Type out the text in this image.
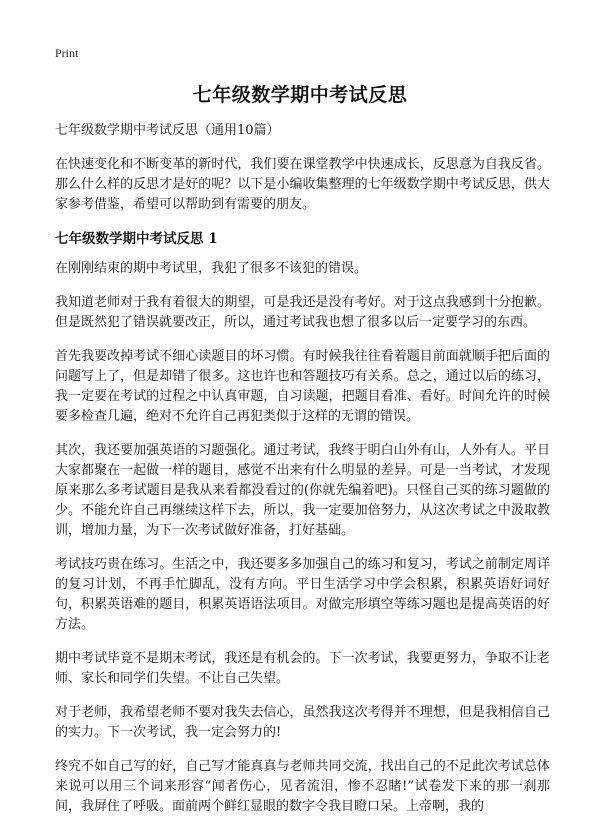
Print
七年级数学期中考试反思

七年级数学期中考试反思（通用10篇）

在快速变化和不断变革的新时代，我们要在课堂教学中快速成长，反思意为自我反省。那么什么样的反思才是好的呢？以下是小编收集整理的七年级数学期中考试反思，供大家参考借鉴，希望可以帮助到有需要的朋友。

七年级数学期中考试反思 1

在刚刚结束的期中考试里，我犯了很多不该犯的错误。

我知道老师对于我有着很大的期望，可是我还是没有考好。对于这点我感到十分抱歉。但是既然犯了错误就要改正，所以，通过考试我也想了很多以后一定要学习的东西。

首先我要改掉考试不细心读题目的坏习惯。有时候我往往看着题目前面就顺手把后面的问题写上了，但是却错了很多。这也许也和答题技巧有关系。总之，通过以后的练习，我一定要在考试的过程之中认真审题，自习读题，把题目看准、看好。时间允许的时候要多检查几遍，绝对不允许自己再犯类似于这样的无谓的错误。

其次，我还要加强英语的习题强化。通过考试，我终于明白山外有山，人外有人。平日大家都聚在一起做一样的题目，感觉不出来有什么明显的差异。可是一当考试，才发现原来那么多考试题目是我从来看都没看过的(你就先编着吧)。只怪自己买的练习题做的少。不能允许自己再继续这样下去，所以，我一定要加倍努力，从这次考试之中汲取教训，增加力量，为下一次考试做好准备，打好基础。

考试技巧贵在练习。生活之中，我还要多多加强自己的练习和复习，考试之前制定周详的复习计划，不再手忙脚乱，没有方向。平日生活学习中学会积累，积累英语好词好句，积累英语难的题目，积累英语语法项目。对做完形填空等练习题也是提高英语的好方法。

期中考试毕竟不是期末考试，我还是有机会的。下一次考试，我要更努力，争取不让老师、家长和同学们失望。不让自己失望。

对于老师，我希望老师不要对我失去信心，虽然我这次考得并不理想，但是我相信自己的实力。下一次考试，我一定会努力的!

终究不如自己写的好，自己写才能真真与老师共同交流，找出自己的不足此次考试总体来说可以用三个词来形容“闻者伤心，见者流泪，惨不忍睹!”试卷发下来的那一刹那间，我屏住了呼吸。面前两个鲜红显眼的数字令我目瞪口呆。上帝啊，我的
